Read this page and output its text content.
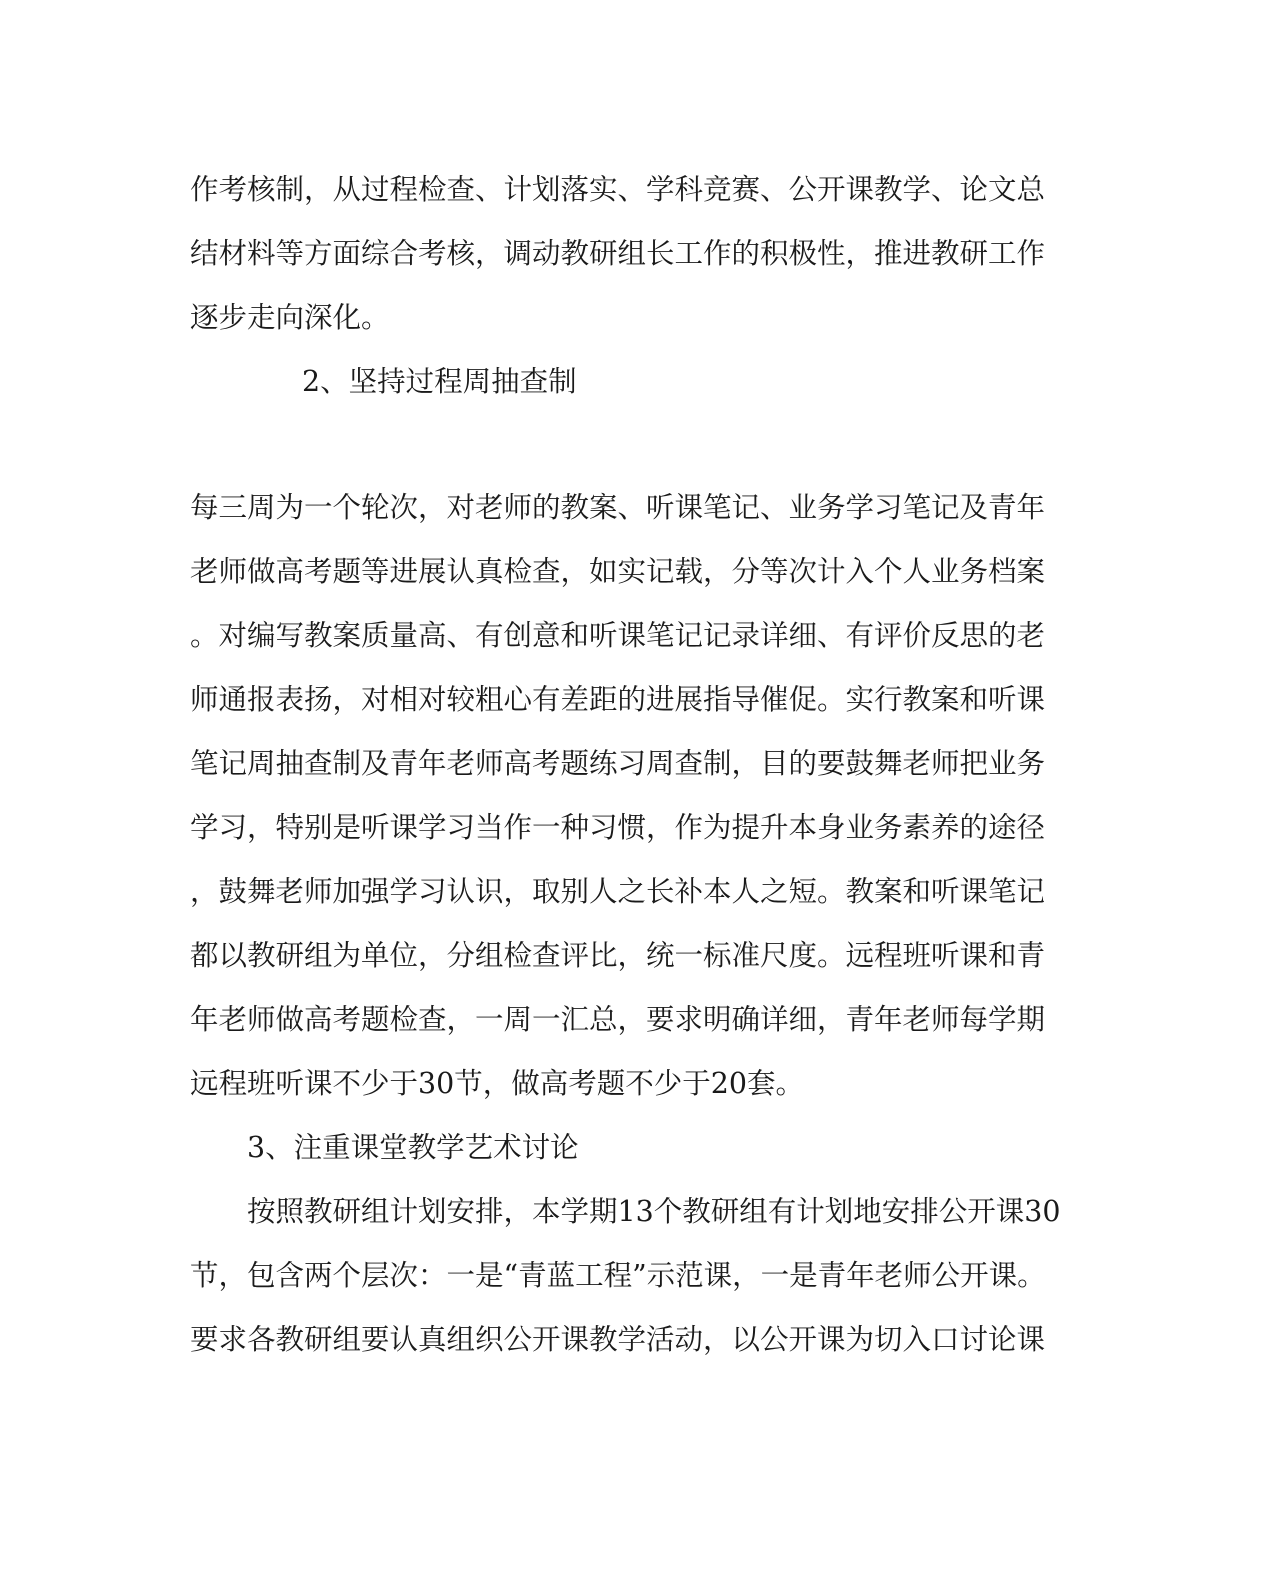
作考核制，从过程检查、计划落实、学科竞赛、公开课教学、论文总
结材料等方面综合考核，调动教研组长工作的积极性，推进教研工作
逐步走向深化。
2、坚持过程周抽查制
每三周为一个轮次，对老师的教案、听课笔记、业务学习笔记及青年
老师做高考题等进展认真检查，如实记载，分等次计入个人业务档案
。对编写教案质量高、有创意和听课笔记记录详细、有评价反思的老
师通报表扬，对相对较粗心有差距的进展指导催促。实行教案和听课
笔记周抽查制及青年老师高考题练习周查制，目的要鼓舞老师把业务
学习，特别是听课学习当作一种习惯，作为提升本身业务素养的途径
，鼓舞老师加强学习认识，取别人之长补本人之短。教案和听课笔记
都以教研组为单位，分组检查评比，统一标准尺度。远程班听课和青
年老师做高考题检查，一周一汇总，要求明确详细，青年老师每学期
远程班听课不少于30节，做高考题不少于20套。
3、注重课堂教学艺术讨论
按照教研组计划安排，本学期13个教研组有计划地安排公开课30
节，包含两个层次：一是“青蓝工程”示范课，一是青年老师公开课。
要求各教研组要认真组织公开课教学活动，以公开课为切入口讨论课
